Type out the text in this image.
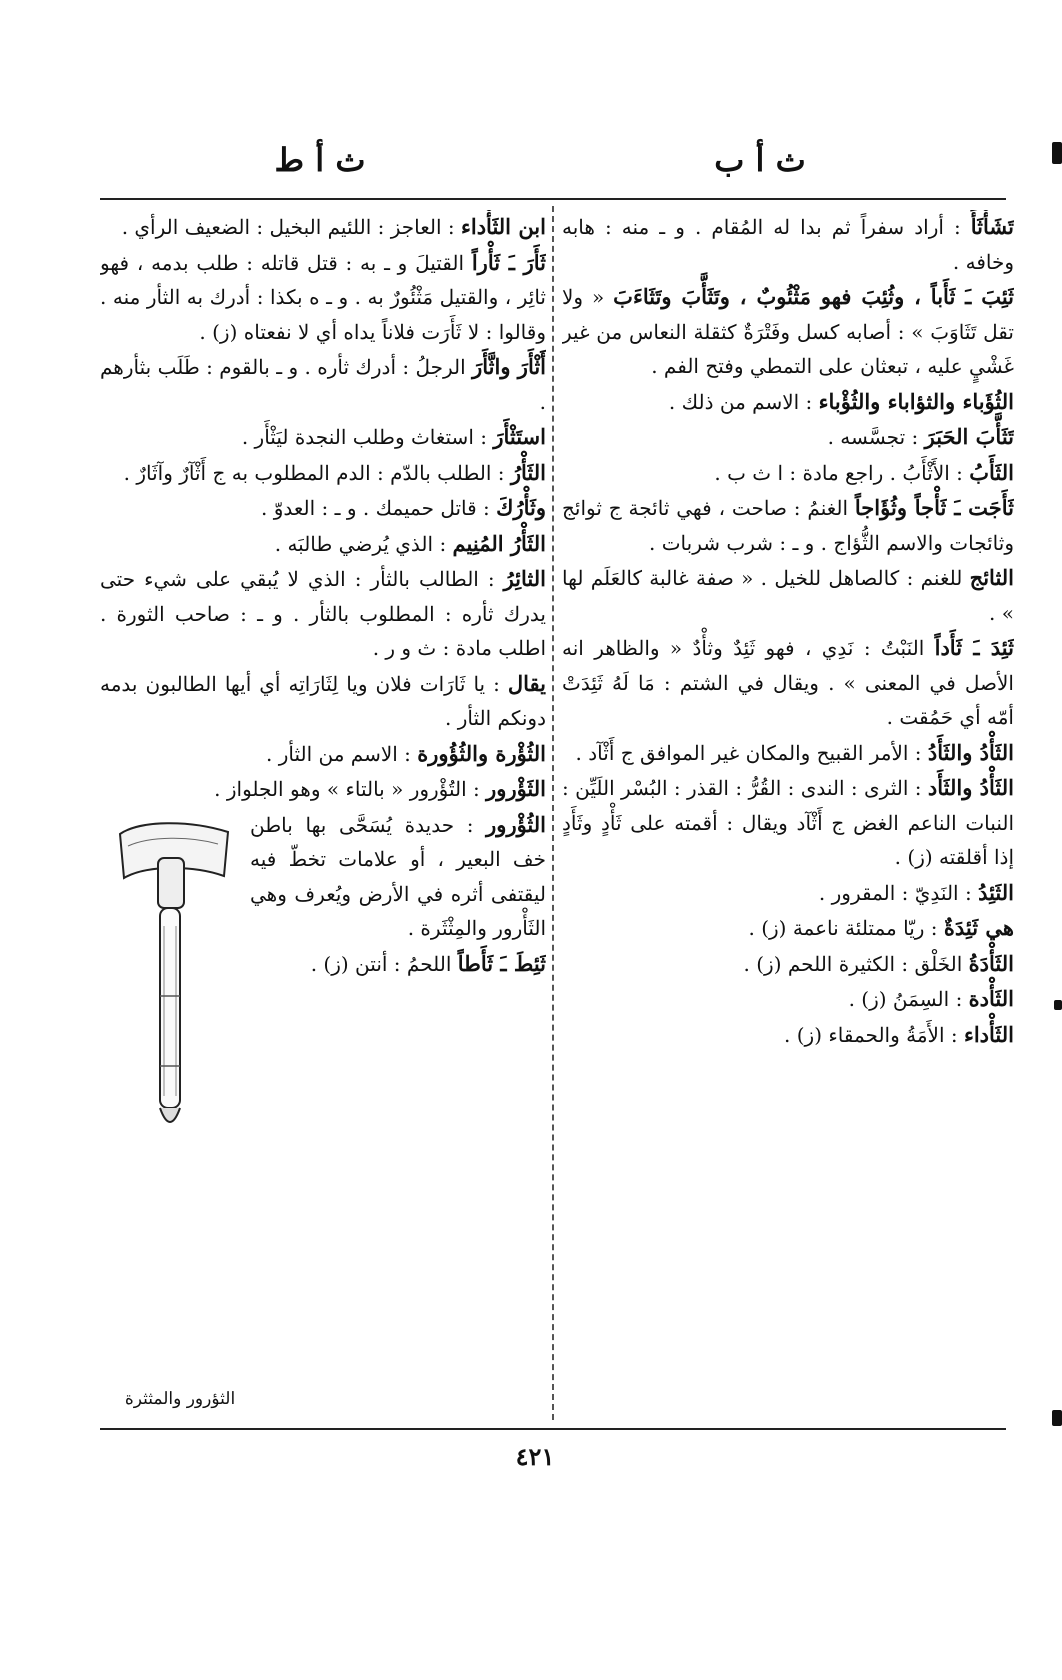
ث أ ب
ث أ ط
تَشَأْثَأَ : أراد سفراً ثم بدا له المُقام . و ـ منه : هابه وخافه .
ثَئِبَ ـَ ثَأَباً ، وثُئِبَ فهو مَثْئُوبٌ ، وتَثَأَّبَ وتَثَاءَبَ « ولا تقل تَثَاوَبَ » : أصابه كسل وفَتْرَةٌ كثقلة النعاس من غير غَشْيٍ عليه ، تبعثان على التمطي وفتح الفم .
الثُؤَباء والثؤاباء والثُؤْباء : الاسم من ذلك .
تَثَأَّبَ الحَبَرَ : تجسَّسه .
الثَأَبُ : الأَثْأَبُ . راجع مادة : ا ث ب .
ثَأَجَت ـَ ثَأْجاً وثُؤَاجاً الغنمُ : صاحت ، فهي ثائجة ج ثوائج وثائجات والاسم الثُّؤاج . و ـ : شرب شربات .
الثائج للغنم : كالصاهل للخيل . « صفة غالبة كالعَلَم لها » .
ثَئِدَ ـَ ثَأَداً النَبْتُ : نَدِي ، فهو ثَئِدٌ وثأْدٌ « والظاهر انه الأصل في المعنى » . ويقال في الشتم : مَا لَهُ ثَئِدَتْ أمّه أي حَمُقت .
الثَأْدُ والثَأَدُ : الأمر القبيح والمكان غير الموافق ج أَثْآد .
الثَأْدُ والثَأَد : الثرى : الندى : القُرُّ : القذر : البُسْر اللَيِّن : النبات الناعم الغض ج أَثْآد ويقال : أقمته على ثَأْدٍ وثَأَدٍ إذا أقلقته (ز) .
الثَئِدُ : النَدِيّ : المقرور .
هي ثَئِدَةٌ : ريّا ممتلئة ناعمة (ز) .
الثَأْدَةُ الخَلْق : الكثيرة اللحم (ز) .
الثَأْدة : السِمَنُ (ز) .
الثَأْداء : الأَمَةُ والحمقاء (ز) .
ابن الثَأْداء : العاجز : اللئيم البخيل : الضعيف الرأي .
ثَأَرَ ـَ ثَأْراً القتيلَ و ـ به : قتل قاتله : طلب بدمه ، فهو ثائِر ، والقتيل مَثْئُورٌ به . و ـ ه بكذا : أدرك به الثأر منه . وقالوا : لا ثَأَرَت فلاناً يداه أي لا نفعتاه (ز) .
أَثْأَرَ واثَّأَرَ الرجلُ : أدرك ثأره . و ـ بالقوم : طَلَب بثأرهم .
استَثْأَرَ : استغاث وطلب النجدة ليَثْأَر .
الثَأْرُ : الطلب بالدّم : الدم المطلوب به ج أَثْآرٌ وآثَارٌ .
وثَأْرُكَ : قاتل حميمك . و ـ : العدوّ .
الثَأْرُ المُنِيم : الذي يُرضي طالبَه .
الثائِرُ : الطالب بالثأر : الذي لا يُبقي على شيء حتى يدرك ثأره : المطلوب بالثأر . و ـ : صاحب الثورة . اطلب مادة : ث و ر .
يقال : يا ثَارَات فلان ويا لِثَارَاتِه أي أيها الطالبون بدمه دونكم الثأر .
الثُؤْرة والثُؤُورة : الاسم من الثأر .
الثَؤْرور : التُؤْرور « بالتاء » وهو الجلواز .
الثُؤْرور : حديدة يُسَحَّى بها باطن خف البعير ، أو علامات تخطّ فيه ليقتفى أثره في الأرض ويُعرف وهي الثَأْرور والمِثْثَرة .
ثَئِطَ ـَ ثَأَطاً اللحمُ : أنتن (ز) .
الثؤرور والمثثرة
٤٢١
